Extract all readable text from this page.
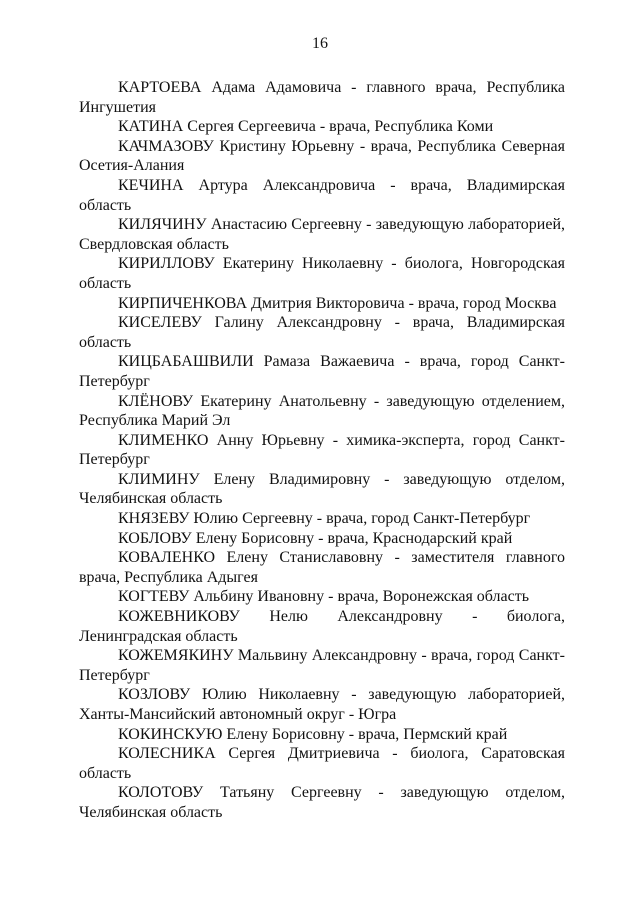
16

КАРТОЕВА Адама Адамовича - главного врача, Республика Ингушетия

КАТИНА Сергея Сергеевича - врача, Республика Коми

КАЧМАЗОВУ Кристину Юрьевну - врача, Республика Северная Осетия-Алания

КЕЧИНА Артура Александровича - врача, Владимирская область

КИЛЯЧИНУ Анастасию Сергеевну - заведующую лабораторией, Свердловская область

КИРИЛЛОВУ Екатерину Николаевну - биолога, Новгородская область

КИРПИЧЕНКОВА Дмитрия Викторовича - врача, город Москва

КИСЕЛЕВУ Галину Александровну - врача, Владимирская область

КИЦБАБАШВИЛИ Рамаза Важаевича - врача, город Санкт-Петербург

КЛЁНОВУ Екатерину Анатольевну - заведующую отделением, Республика Марий Эл

КЛИМЕНКО Анну Юрьевну - химика-эксперта, город Санкт-Петербург

КЛИМИНУ Елену Владимировну - заведующую отделом, Челябинская область

КНЯЗЕВУ Юлию Сергеевну - врача, город Санкт-Петербург

КОБЛОВУ Елену Борисовну - врача, Краснодарский край

КОВАЛЕНКО Елену Станиславовну - заместителя главного врача, Республика Адыгея

КОГТЕВУ Альбину Ивановну - врача, Воронежская область

КОЖЕВНИКОВУ Нелю Александровну - биолога, Ленинградская область

КОЖЕМЯКИНУ Мальвину Александровну - врача, город Санкт-Петербург

КОЗЛОВУ Юлию Николаевну - заведующую лабораторией, Ханты-Мансийский автономный округ - Югра

КОКИНСКУЮ Елену Борисовну - врача, Пермский край

КОЛЕСНИКА Сергея Дмитриевича - биолога, Саратовская область

КОЛОТОВУ Татьяну Сергеевну - заведующую отделом, Челябинская область
